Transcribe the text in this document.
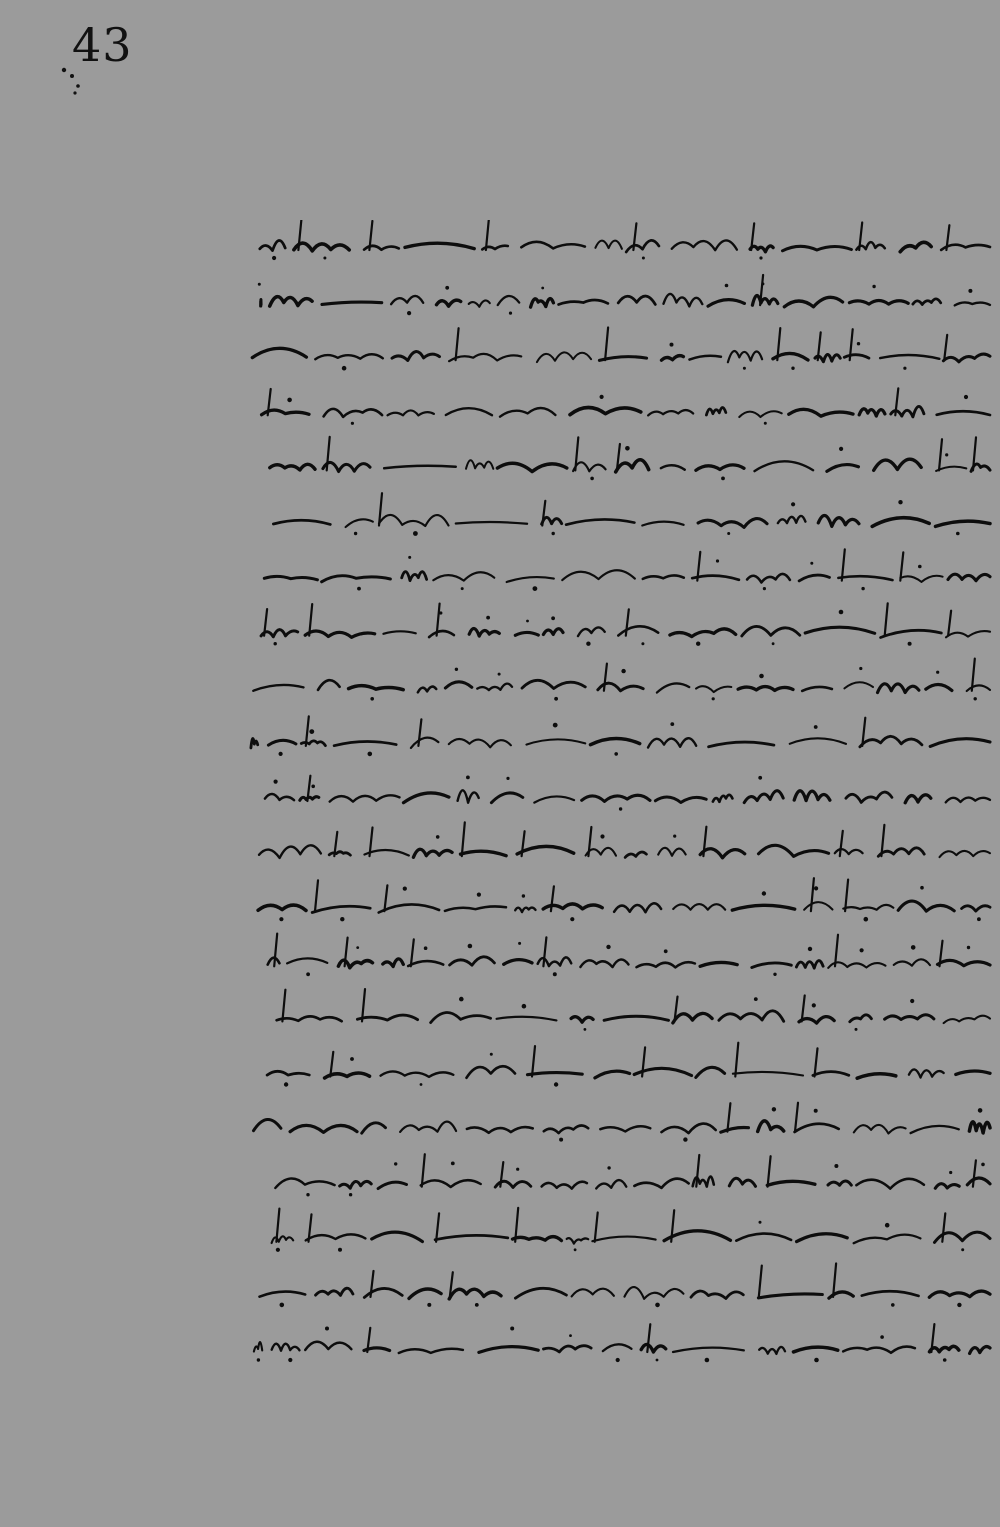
43
